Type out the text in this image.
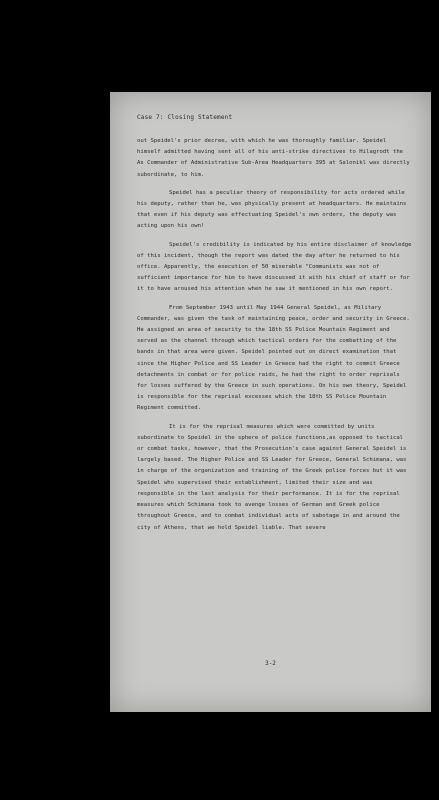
Case 7: Closing Statement

out Speidel's prior decree, with which he was thoroughly familiar. Speidel himself admitted having sent all of his anti-strike directives to Hilagrodt the As Commander of Administrative Sub-Area Headquarters 395 at Salonikl was directly subordinate, to him.

Speidel has a peculiar theory of responsibility for acts ordered while his deputy, rather than he, was physically present at headquarters. He maintains that even if his deputy was effectuating Speidel's own orders, the deputy was acting upon his own!

Speidel's credibility is indicated by his entire disclaimer of knowledge of this incident, though the report was dated the day after he returned to his office. Apparently, the execution of 50 miserable "Communists was not of sufficient importance for him to have discussed it with his chief of staff or for it to have aroused his attention when he saw it mentioned in his own report.

From September 1943 until May 1944 General Speidel, as Military Commander, was given the task of maintaining peace, order and security in Greece. He assigned an area of security to the 18th SS Police Mountain Regiment and served as the channel through which tactical orders for the combatting of the bands in that area were given. Speidel pointed out on direct examination that since the Higher Police and SS Leader in Greece had the right to commit Greece detachments in combat or for police raids, he had the right to order reprisals for losses suffered by the Greece in such operations. On his own theory, Speidel is responsible for the reprisal excesses which the 18th SS Police Mountain Regiment committed.

It is for the reprisal measures which were committed by units subordinate to Speidel in the sphere of police functions,as opposed to tactical or combat tasks, however, that the Prosecution's case against General Speidel is largely based. The Higher Police and SS Leader for Greece, General Schimana, was in charge of the organization and training of the Greek police forces but it was Speidel who supervised their establishment, limited their size and was responsible in the last analysis for their performance. It is for the reprisal measures which Schimana took to avenge losses of German and Greek police throughout Greece, and to combat individual acts of sabotage in and around the city of Athens, that we hold Speidel liable. That severe

3-2
